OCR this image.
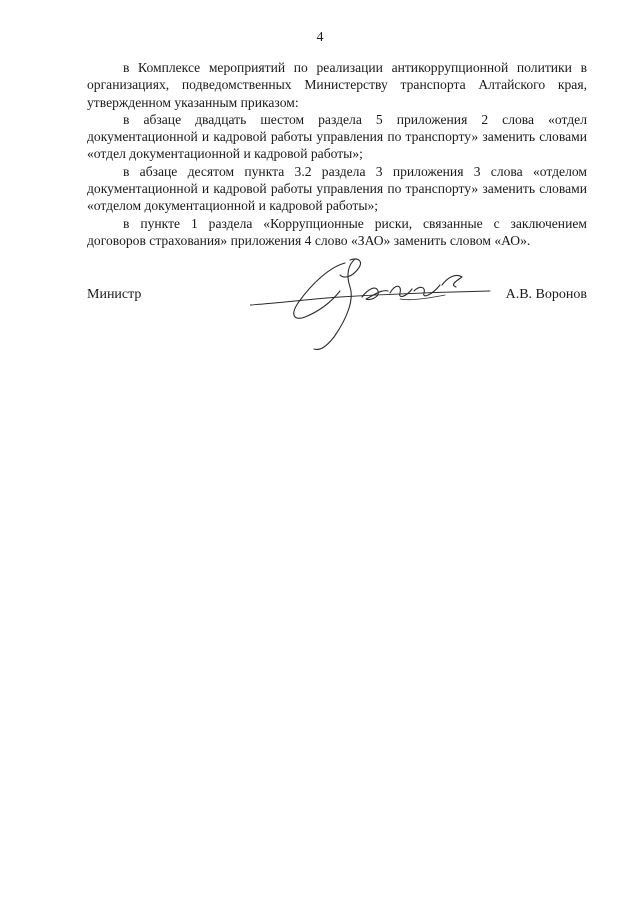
4

в Комплексе мероприятий по реализации антикоррупционной политики в организациях, подведомственных Министерству транспорта Алтайского края, утвержденном указанным приказом:

в абзаце двадцать шестом раздела 5 приложения 2 слова «отдел документационной и кадровой работы управления по транспорту» заменить словами «отдел документационной и кадровой работы»;

в абзаце десятом пункта 3.2 раздела 3 приложения 3 слова «отделом документационной и кадровой работы управления по транспорту» заменить словами «отделом документационной и кадровой работы»;

в пункте 1 раздела «Коррупционные риски, связанные с заключением договоров страхования» приложения 4 слово «ЗАО» заменить словом «АО».

Министр	А.В. Воронов
